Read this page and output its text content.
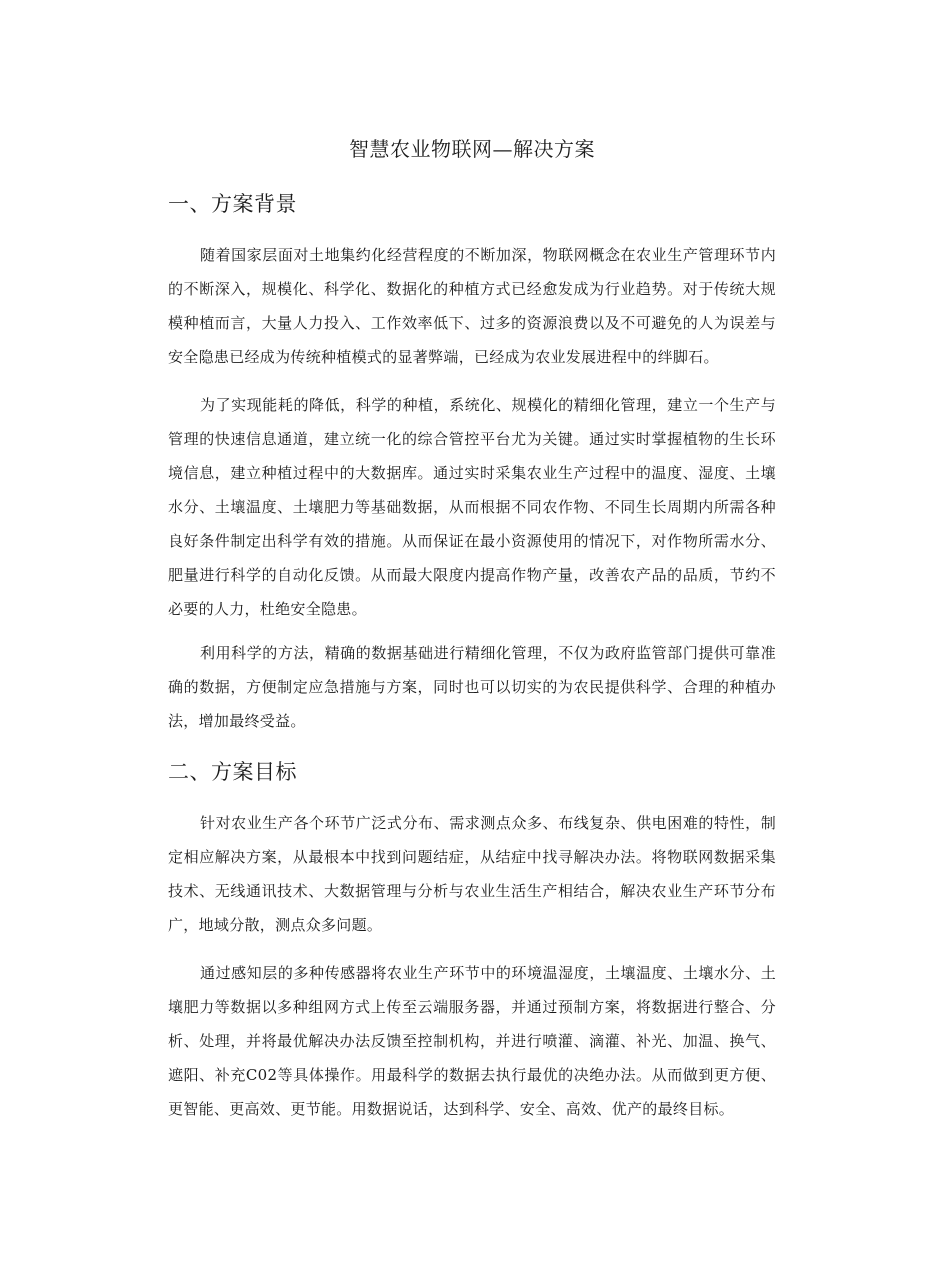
智慧农业物联网—解决方案
一、方案背景

随着国家层面对土地集约化经营程度的不断加深，物联网概念在农业生产管理环节内的不断深入，规模化、科学化、数据化的种植方式已经愈发成为行业趋势。对于传统大规模种植而言，大量人力投入、工作效率低下、过多的资源浪费以及不可避免的人为误差与安全隐患已经成为传统种植模式的显著弊端，已经成为农业发展进程中的绊脚石。

为了实现能耗的降低，科学的种植，系统化、规模化的精细化管理，建立一个生产与管理的快速信息通道，建立统一化的综合管控平台尤为关键。通过实时掌握植物的生长环境信息，建立种植过程中的大数据库。通过实时采集农业生产过程中的温度、湿度、土壤水分、土壤温度、土壤肥力等基础数据，从而根据不同农作物、不同生长周期内所需各种良好条件制定出科学有效的措施。从而保证在最小资源使用的情况下，对作物所需水分、肥量进行科学的自动化反馈。从而最大限度内提高作物产量，改善农产品的品质，节约不必要的人力，杜绝安全隐患。

利用科学的方法，精确的数据基础进行精细化管理，不仅为政府监管部门提供可靠准确的数据，方便制定应急措施与方案，同时也可以切实的为农民提供科学、合理的种植办法，增加最终受益。

二、方案目标

针对农业生产各个环节广泛式分布、需求测点众多、布线复杂、供电困难的特性，制定相应解决方案，从最根本中找到问题结症，从结症中找寻解决办法。将物联网数据采集技术、无线通讯技术、大数据管理与分析与农业生活生产相结合，解决农业生产环节分布广，地域分散，测点众多问题。

通过感知层的多种传感器将农业生产环节中的环境温湿度，土壤温度、土壤水分、土壤肥力等数据以多种组网方式上传至云端服务器，并通过预制方案，将数据进行整合、分析、处理，并将最优解决办法反馈至控制机构，并进行喷灌、滴灌、补光、加温、换气、遮阳、补充C02等具体操作。用最科学的数据去执行最优的决绝办法。从而做到更方便、更智能、更高效、更节能。用数据说话，达到科学、安全、高效、优产的最终目标。
